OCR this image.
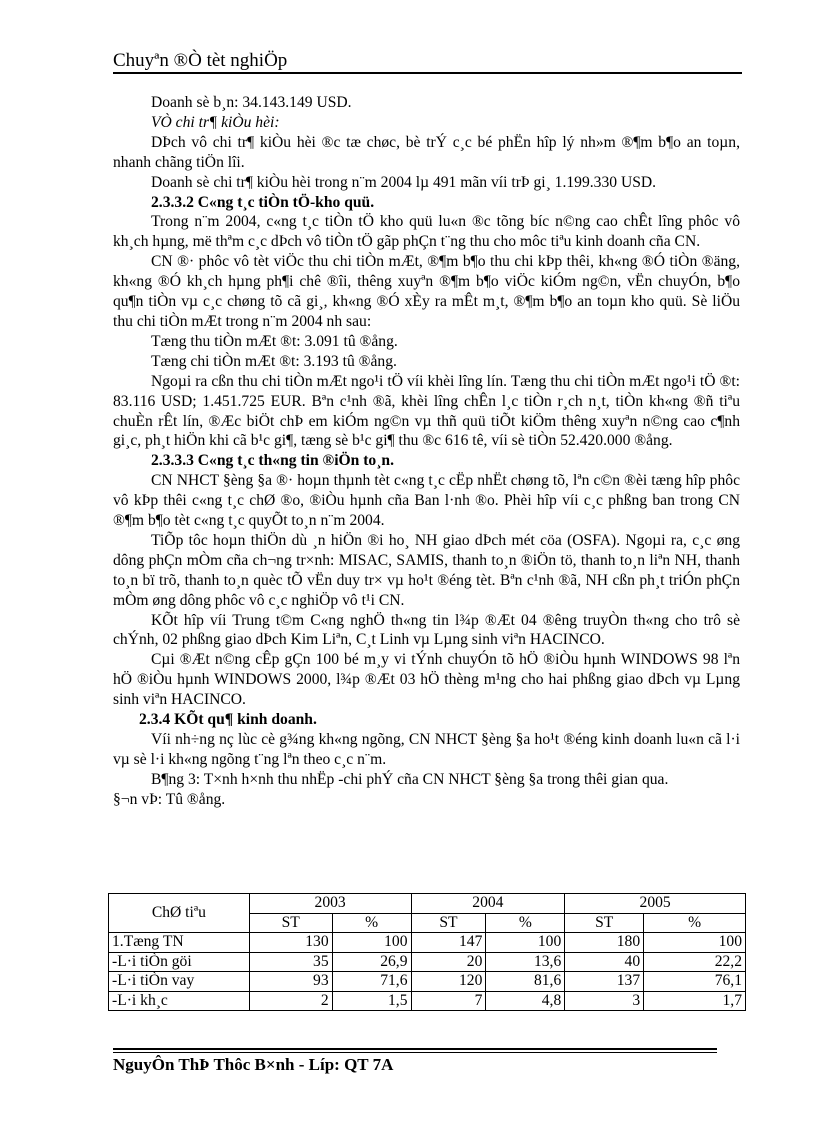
Chuyªn ®Ò tèt nghiÖp

Doanh sè b¸n: 34.143.149 USD.

VÒ chi tr¶ kiÒu hèi:

DÞch vô chi tr¶ kiÒu hèi ®c tæ chøc, bè trÝ c¸c bé phËn hîp lý nh»m ®¶m b¶o an toµn, nhanh chãng tiÖn lîi.

Doanh sè chi tr¶ kiÒu hèi trong n¨m 2004 lµ 491 mãn víi trÞ gi¸ 1.199.330 USD.

2.3.3.2 C«ng t¸c tiÒn tÖ-kho quü.

Trong n¨m 2004, c«ng t¸c tiÒn tÖ kho quü lu«n ®c tõng bíc n©ng cao chÊt lîng phôc vô kh¸ch hµng, më thªm c¸c dÞch vô tiÒn tÖ gãp phÇn t¨ng thu cho môc tiªu kinh doanh cña CN.

CN ®· phôc vô tèt viÖc thu chi tiÒn mÆt, ®¶m b¶o thu chi kÞp thêi, kh«ng ®Ó tiÒn ®äng, kh«ng ®Ó kh¸ch hµng ph¶i chê ®îi, thêng xuyªn ®¶m b¶o viÖc kiÓm ng©n, vËn chuyÓn, b¶o qu¶n tiÒn vµ c¸c chøng tõ cã gi¸, kh«ng ®Ó xÈy ra mÊt m¸t, ®¶m b¶o an toµn kho quü. Sè liÖu thu chi tiÒn mÆt trong n¨m 2004 nh sau:

Tæng thu tiÒn mÆt ®t: 3.091 tû ®ång.

Tæng chi tiÒn mÆt ®t: 3.193 tû ®ång.

Ngoµi ra cßn thu chi tiÒn mÆt ngo¹i tÖ víi khèi lîng lín. Tæng thu chi tiÒn mÆt ngo¹i tÖ ®t: 83.116 USD; 1.451.725 EUR. Bªn c¹nh ®ã, khèi lîng chÊn l¸c tiÒn r¸ch n¸t, tiÒn kh«ng ®ñ tiªu chuÈn rÊt lín, ®Æc biÖt chÞ em kiÓm ng©n vµ thñ quü tiÕt kiÖm thêng xuyªn n©ng cao c¶nh gi¸c, ph¸t hiÖn khi cã b¹c gi¶, tæng sè b¹c gi¶ thu ®c 616 tê, víi sè tiÒn 52.420.000 ®ång.

2.3.3.3 C«ng t¸c th«ng tin ®iÖn to¸n.

CN NHCT §èng §a ®· hoµn thµnh tèt c«ng t¸c cËp nhËt chøng tõ, lªn c©n ®èi tæng hîp phôc vô kÞp thêi c«ng t¸c chØ ®o, ®iÒu hµnh cña Ban l·nh ®o. Phèi hîp víi c¸c phßng ban trong CN ®¶m b¶o tèt c«ng t¸c quyÕt to¸n n¨m 2004.

TiÕp tôc hoµn thiÖn dù ¸n hiÖn ®i ho¸ NH giao dÞch mét cöa (OSFA). Ngoµi ra, c¸c øng dông phÇn mÒm cña ch¬ng tr×nh: MISAC, SAMIS, thanh to¸n ®iÖn tö, thanh to¸n liªn NH, thanh to¸n bï trõ, thanh to¸n quèc tÕ vËn duy tr× vµ ho¹t ®éng tèt. Bªn c¹nh ®ã, NH cßn ph¸t triÓn phÇn mÒm øng dông phôc vô c¸c nghiÖp vô t¹i CN.

KÕt hîp víi Trung t©m C«ng nghÖ th«ng tin l¾p ®Æt 04 ®êng truyÒn th«ng cho trô sè chÝnh, 02 phßng giao dÞch Kim Liªn, C¸t Linh vµ Lµng sinh viªn HACINCO.

Cµi ®Æt n©ng cÊp gÇn 100 bé m¸y vi tÝnh chuyÓn tõ hÖ ®iÒu hµnh WINDOWS 98 lªn hÖ ®iÒu hµnh WINDOWS 2000, l¾p ®Æt 03 hÖ thèng m¹ng cho hai phßng giao dÞch vµ Lµng sinh viªn HACINCO.

2.3.4 KÕt qu¶ kinh doanh.

Víi nh÷ng nç lùc cè g¾ng kh«ng ngõng, CN NHCT §èng §a ho¹t ®éng kinh doanh lu«n cã l·i vµ sè l·i kh«ng ngõng t¨ng lªn theo c¸c n¨m.

B¶ng 3: T×nh h×nh thu nhËp -chi phÝ cña CN NHCT §èng §a trong thêi gian qua.

§¬n vÞ: Tû ®ång.

ChØ tiªu	2003		2004		2005	
	ST	%	ST	%	ST	%
1.Tæng TN	130	100	147	100	180	100
-L·i tiÒn göi	35	26,9	20	13,6	40	22,2
-L·i tiÒn vay	93	71,6	120	81,6	137	76,1
-L·i kh¸c	2	1,5	7	4,8	3	1,7
NguyÔn ThÞ Thôc B×nh - Líp: QT 7A
